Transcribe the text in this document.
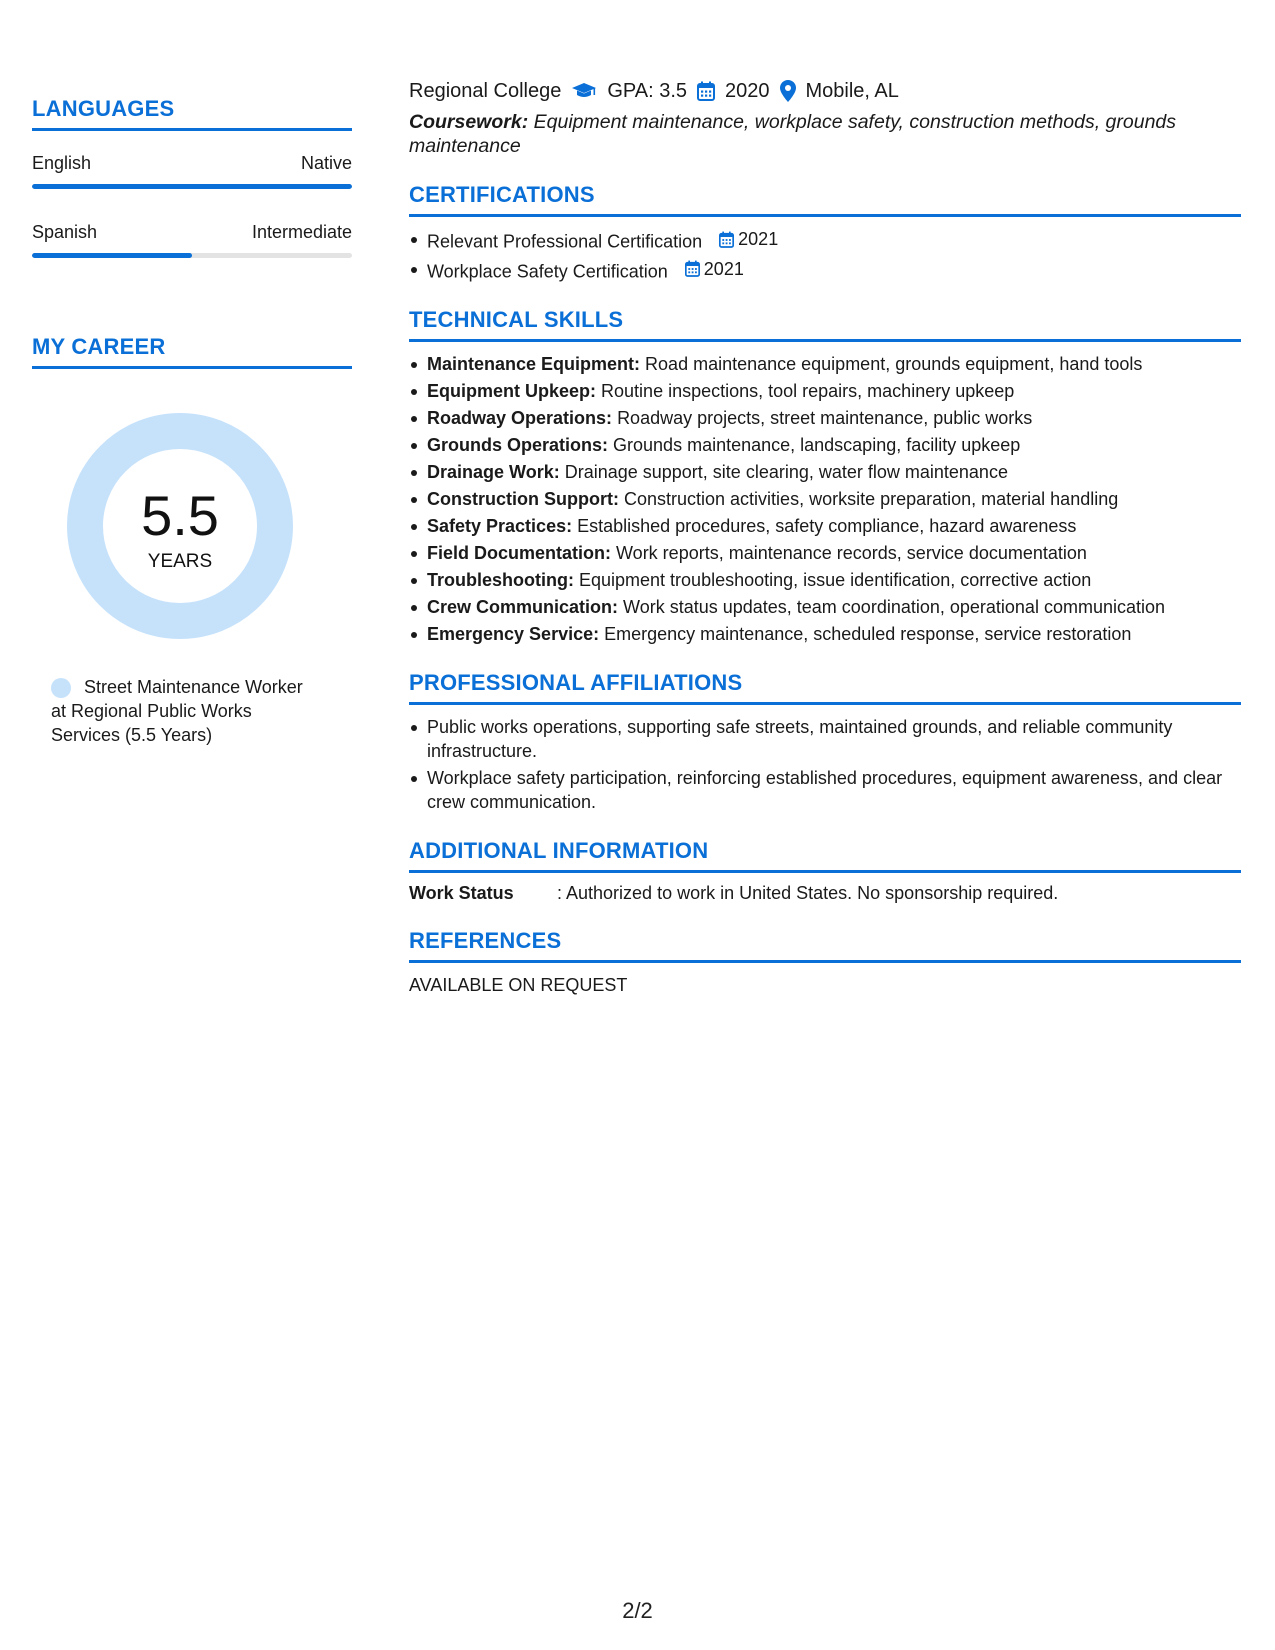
LANGUAGES
English	Native
Spanish	Intermediate
MY CAREER
5.5
YEARS
Street Maintenance Worker at Regional Public Works Services (5.5 Years)
Regional College GPA: 3.5 2020 Mobile, AL
Coursework: Equipment maintenance, workplace safety, construction methods, grounds maintenance
CERTIFICATIONS
Relevant Professional Certification 2021
Workplace Safety Certification 2021
TECHNICAL SKILLS
Maintenance Equipment: Road maintenance equipment, grounds equipment, hand tools
Equipment Upkeep: Routine inspections, tool repairs, machinery upkeep
Roadway Operations: Roadway projects, street maintenance, public works
Grounds Operations: Grounds maintenance, landscaping, facility upkeep
Drainage Work: Drainage support, site clearing, water flow maintenance
Construction Support: Construction activities, worksite preparation, material handling
Safety Practices: Established procedures, safety compliance, hazard awareness
Field Documentation: Work reports, maintenance records, service documentation
Troubleshooting: Equipment troubleshooting, issue identification, corrective action
Crew Communication: Work status updates, team coordination, operational communication
Emergency Service: Emergency maintenance, scheduled response, service restoration
PROFESSIONAL AFFILIATIONS
Public works operations, supporting safe streets, maintained grounds, and reliable community infrastructure.
Workplace safety participation, reinforcing established procedures, equipment awareness, and clear crew communication.
ADDITIONAL INFORMATION
Work Status	: Authorized to work in United States. No sponsorship required.
REFERENCES
AVAILABLE ON REQUEST
2/2
